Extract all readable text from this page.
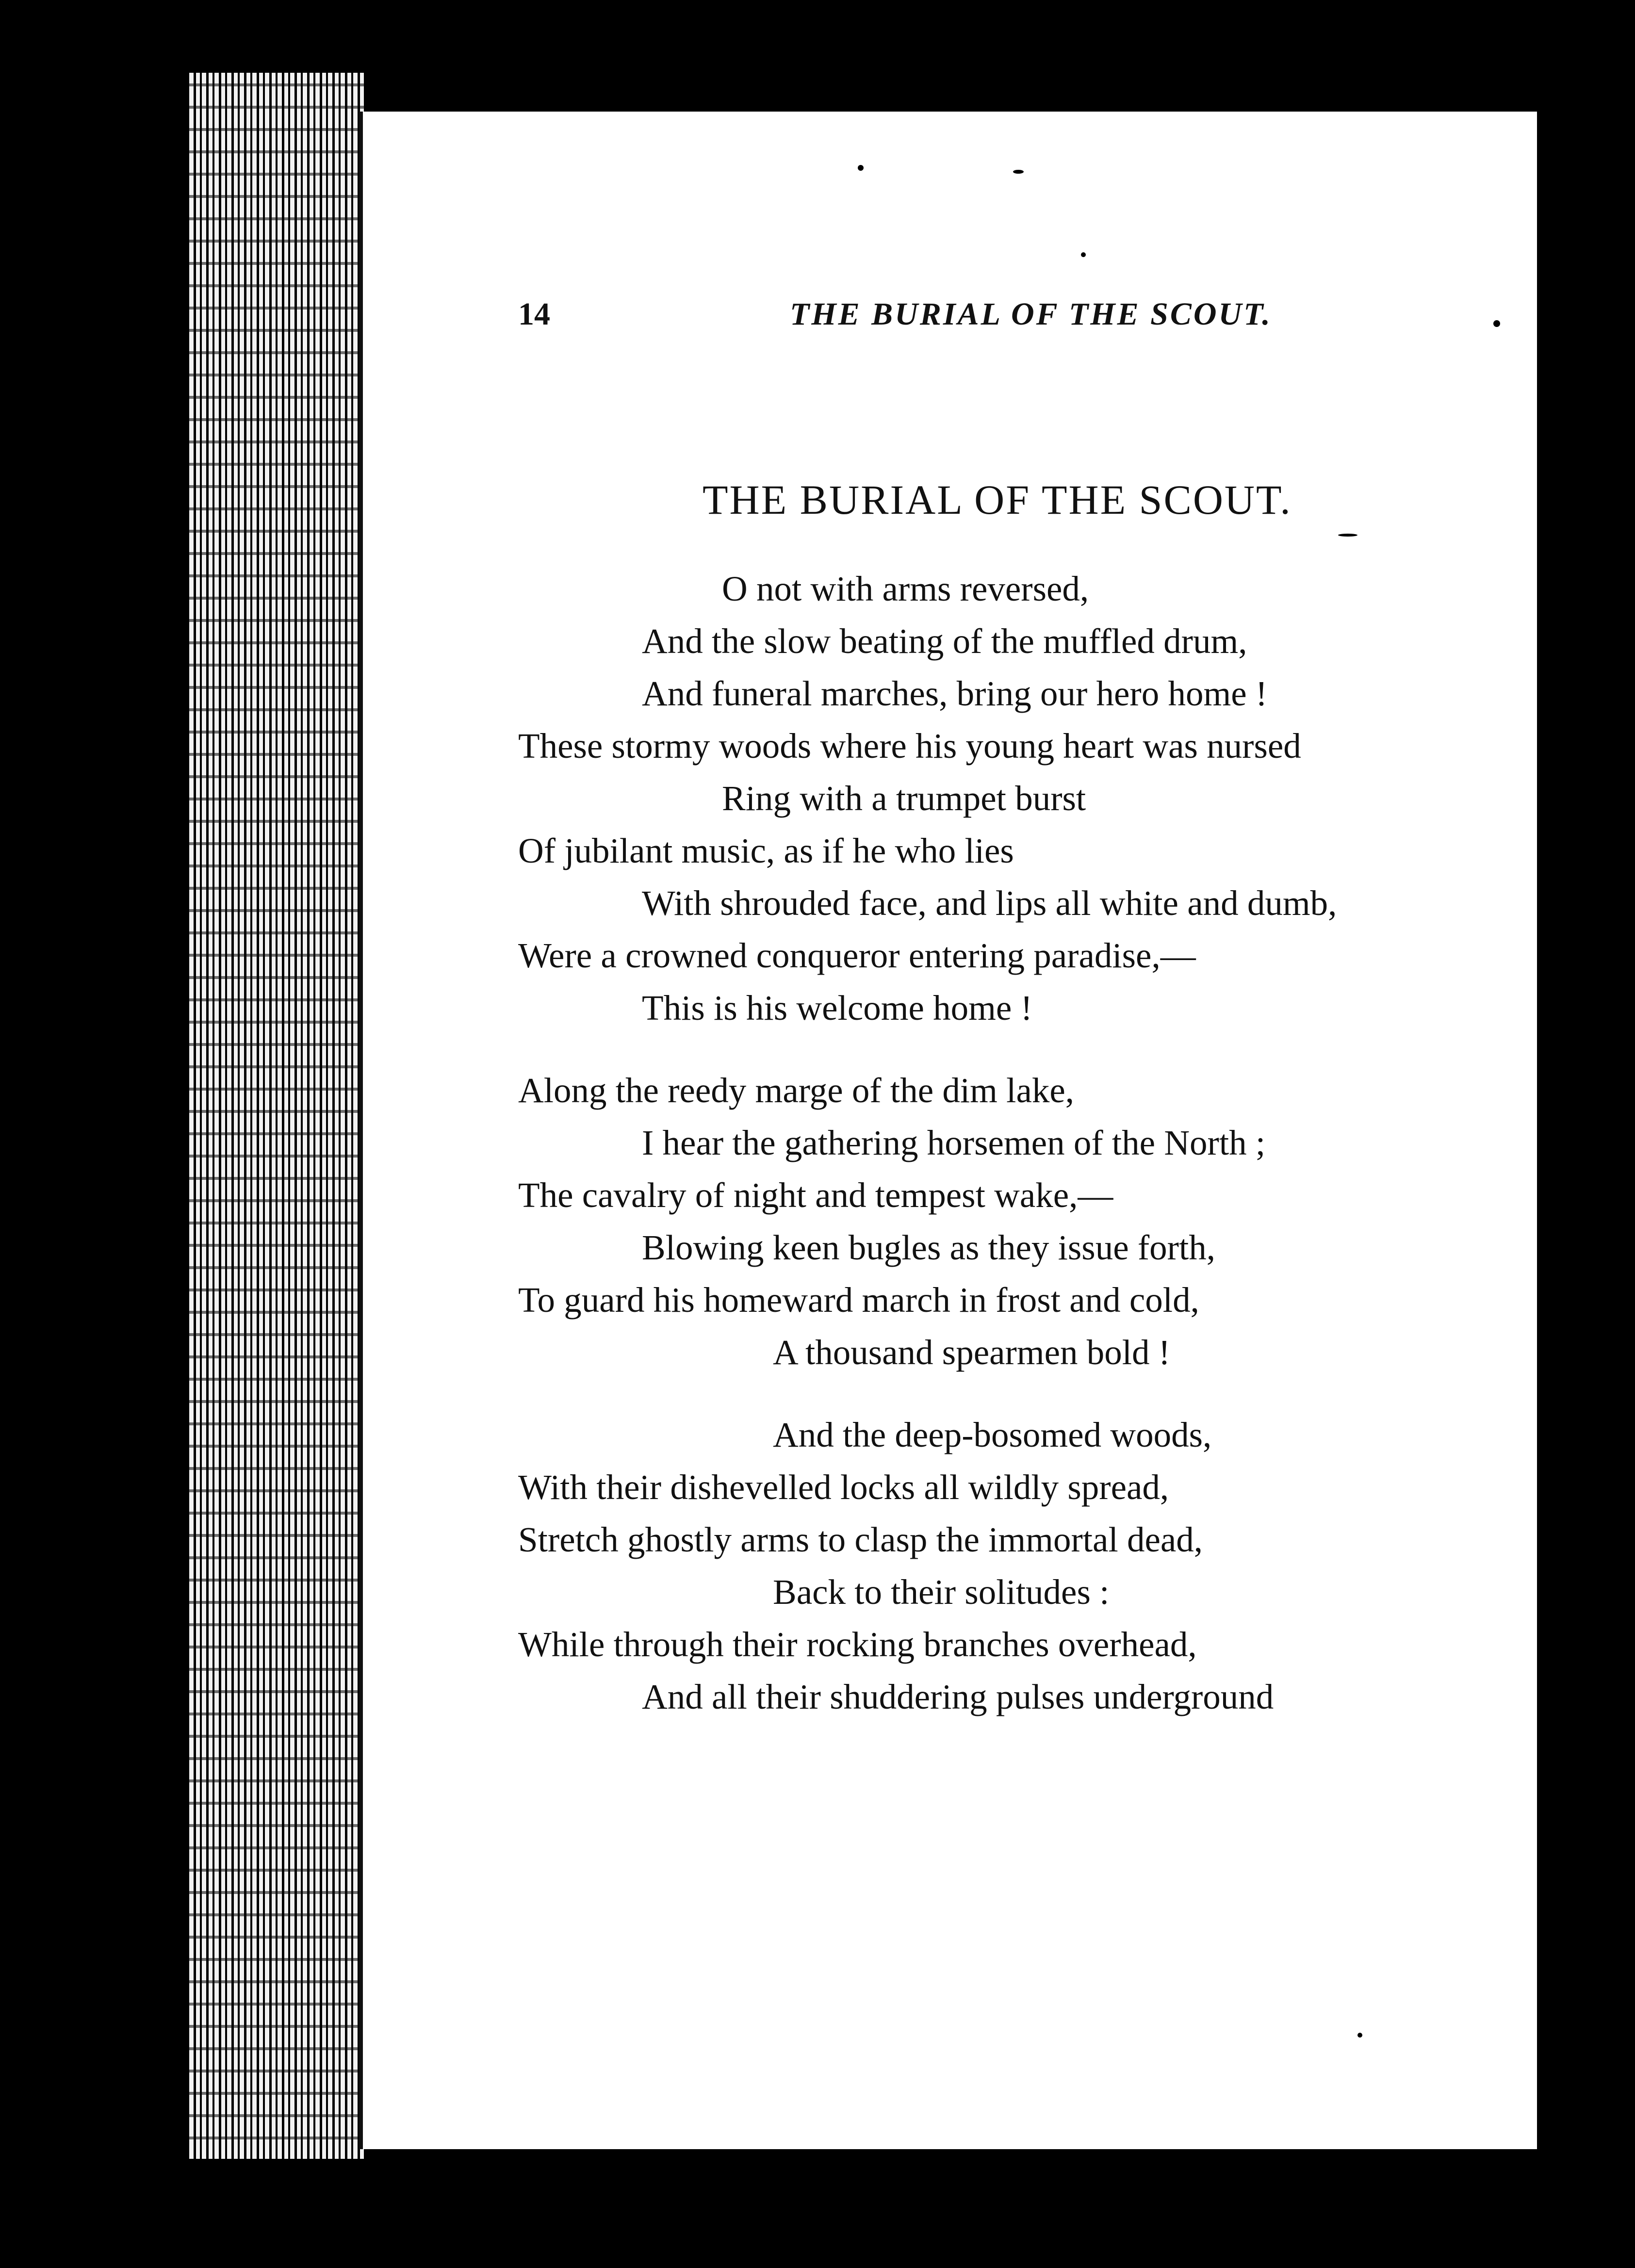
14	THE BURIAL OF THE SCOUT.
THE BURIAL OF THE SCOUT.
O not with arms reversed,
And the slow beating of the muffled drum,
And funeral marches, bring our hero home !
These stormy woods where his young heart was nursed
Ring with a trumpet burst
Of jubilant music, as if he who lies
With shrouded face, and lips all white and dumb,
Were a crowned conqueror entering paradise,—
This is his welcome home !
Along the reedy marge of the dim lake,
I hear the gathering horsemen of the North ;
The cavalry of night and tempest wake,—
Blowing keen bugles as they issue forth,
To guard his homeward march in frost and cold,
A thousand spearmen bold !
And the deep-bosomed woods,
With their dishevelled locks all wildly spread,
Stretch ghostly arms to clasp the immortal dead,
Back to their solitudes :
While through their rocking branches overhead,
And all their shuddering pulses underground
